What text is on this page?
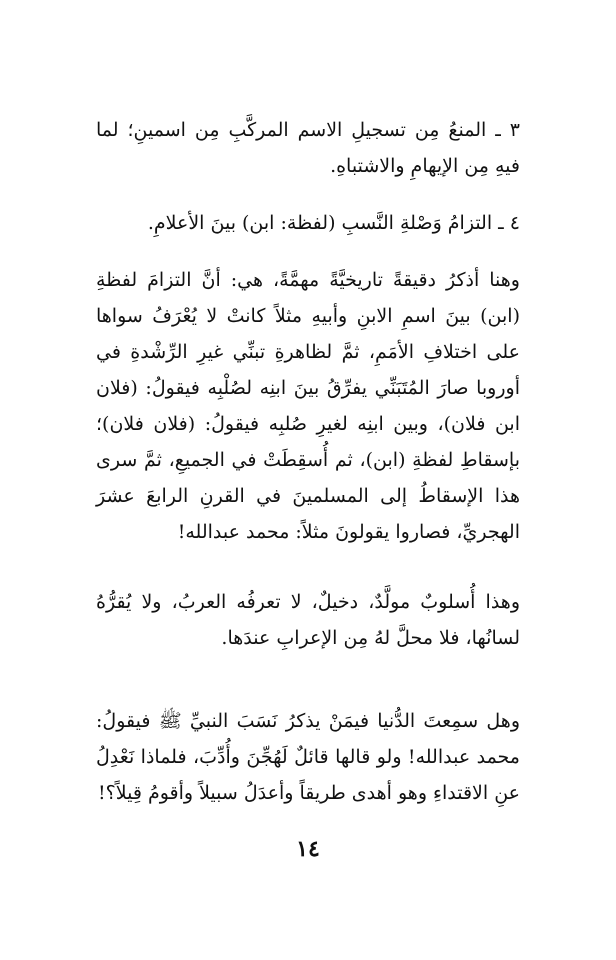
٣ ـ المنعُ مِن تسجيلِ الاسم المركَّبِ مِن اسمينِ؛ لما فيهِ مِن الإيهامِ والاشتباهِ.

٤ ـ التزامُ وَصْلةِ النَّسبِ (لفظة: ابن) بينَ الأعلامِ.

وهنا أذكرُ دقيقةً تاريخيَّةً مهمَّةً، هي: أنَّ التزامَ لفظةِ (ابن) بينَ اسمِ الابنِ وأبيهِ مثلاً كانتْ لا يُعْرَفُ سواها على اختلافِ الأمَمِ، ثمَّ لظاهرةِ تبنِّي غيرِ الرِّشْدةِ في أوروبا صارَ المُتَبَنِّي يفرِّقُ بينَ ابنِه لصُلْبِه فيقولُ: (فلان ابن فلان)، وبين ابنِه لغيرِ صُلبِه فيقولُ: (فلان فلان)؛ بإسقاطِ لفظةِ (ابن)، ثم أُسقِطَتْ في الجميعِ، ثمَّ سرى هذا الإسقاطُ إلى المسلمينَ في القرنِ الرابعَ عشرَ الهجريِّ، فصاروا يقولونَ مثلاً: محمد عبدالله!

وهذا أُسلوبٌ مولَّدٌ، دخيلٌ، لا تعرفُه العربُ، ولا يُقرُّهُ لسانُها، فلا محلَّ لهُ مِن الإعرابِ عندَها.

وهل سمِعتَ الدُّنيا فيمَنْ يذكرُ نَسَبَ النبيِّ ﷺ فيقولُ: محمد عبدالله! ولو قالها قائلٌ لَهُجِّنَ وأُدِّبَ، فلماذا نَعْدِلُ عنِ الاقتداءِ وهو أهدى طريقاً وأعدَلُ سبيلاً وأقومُ قِيلاً؟!

١٤
